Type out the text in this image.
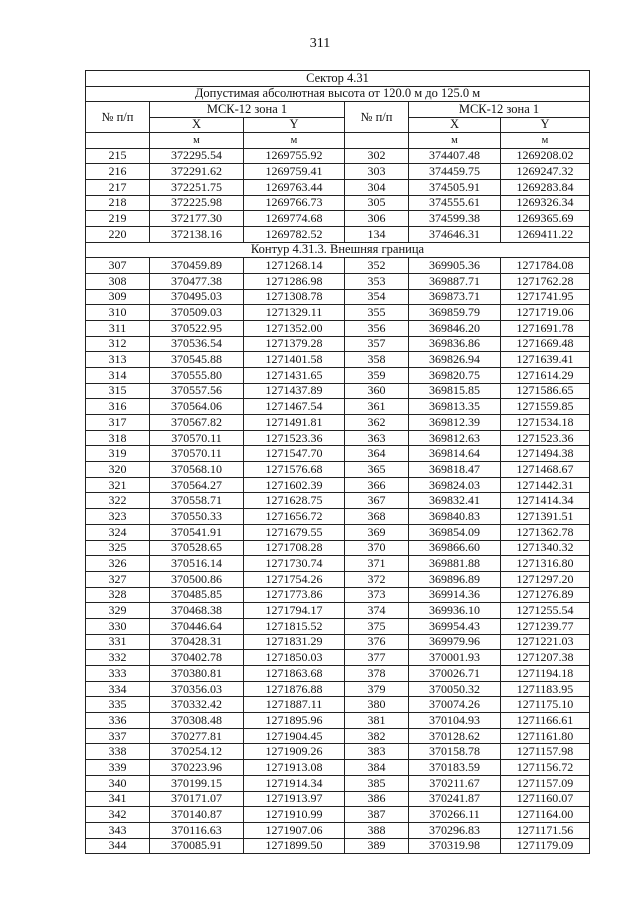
311
Сектор 4.31					
Допустимая абсолютная высота от 120.0 м до 125.0 м					
№ п/п	МСК-12 зона 1		№ п/п	МСК-12 зона 1	
	X	Y		X	Y
	м	м		м	м
215	372295.54	1269755.92	302	374407.48	1269208.02
216	372291.62	1269759.41	303	374459.75	1269247.32
217	372251.75	1269763.44	304	374505.91	1269283.84
218	372225.98	1269766.73	305	374555.61	1269326.34
219	372177.30	1269774.68	306	374599.38	1269365.69
220	372138.16	1269782.52	134	374646.31	1269411.22
Контур 4.31.3. Внешняя граница					
307	370459.89	1271268.14	352	369905.36	1271784.08
308	370477.38	1271286.98	353	369887.71	1271762.28
309	370495.03	1271308.78	354	369873.71	1271741.95
310	370509.03	1271329.11	355	369859.79	1271719.06
311	370522.95	1271352.00	356	369846.20	1271691.78
312	370536.54	1271379.28	357	369836.86	1271669.48
313	370545.88	1271401.58	358	369826.94	1271639.41
314	370555.80	1271431.65	359	369820.75	1271614.29
315	370557.56	1271437.89	360	369815.85	1271586.65
316	370564.06	1271467.54	361	369813.35	1271559.85
317	370567.82	1271491.81	362	369812.39	1271534.18
318	370570.11	1271523.36	363	369812.63	1271523.36
319	370570.11	1271547.70	364	369814.64	1271494.38
320	370568.10	1271576.68	365	369818.47	1271468.67
321	370564.27	1271602.39	366	369824.03	1271442.31
322	370558.71	1271628.75	367	369832.41	1271414.34
323	370550.33	1271656.72	368	369840.83	1271391.51
324	370541.91	1271679.55	369	369854.09	1271362.78
325	370528.65	1271708.28	370	369866.60	1271340.32
326	370516.14	1271730.74	371	369881.88	1271316.80
327	370500.86	1271754.26	372	369896.89	1271297.20
328	370485.85	1271773.86	373	369914.36	1271276.89
329	370468.38	1271794.17	374	369936.10	1271255.54
330	370446.64	1271815.52	375	369954.43	1271239.77
331	370428.31	1271831.29	376	369979.96	1271221.03
332	370402.78	1271850.03	377	370001.93	1271207.38
333	370380.81	1271863.68	378	370026.71	1271194.18
334	370356.03	1271876.88	379	370050.32	1271183.95
335	370332.42	1271887.11	380	370074.26	1271175.10
336	370308.48	1271895.96	381	370104.93	1271166.61
337	370277.81	1271904.45	382	370128.62	1271161.80
338	370254.12	1271909.26	383	370158.78	1271157.98
339	370223.96	1271913.08	384	370183.59	1271156.72
340	370199.15	1271914.34	385	370211.67	1271157.09
341	370171.07	1271913.97	386	370241.87	1271160.07
342	370140.87	1271910.99	387	370266.11	1271164.00
343	370116.63	1271907.06	388	370296.83	1271171.56
344	370085.91	1271899.50	389	370319.98	1271179.09
